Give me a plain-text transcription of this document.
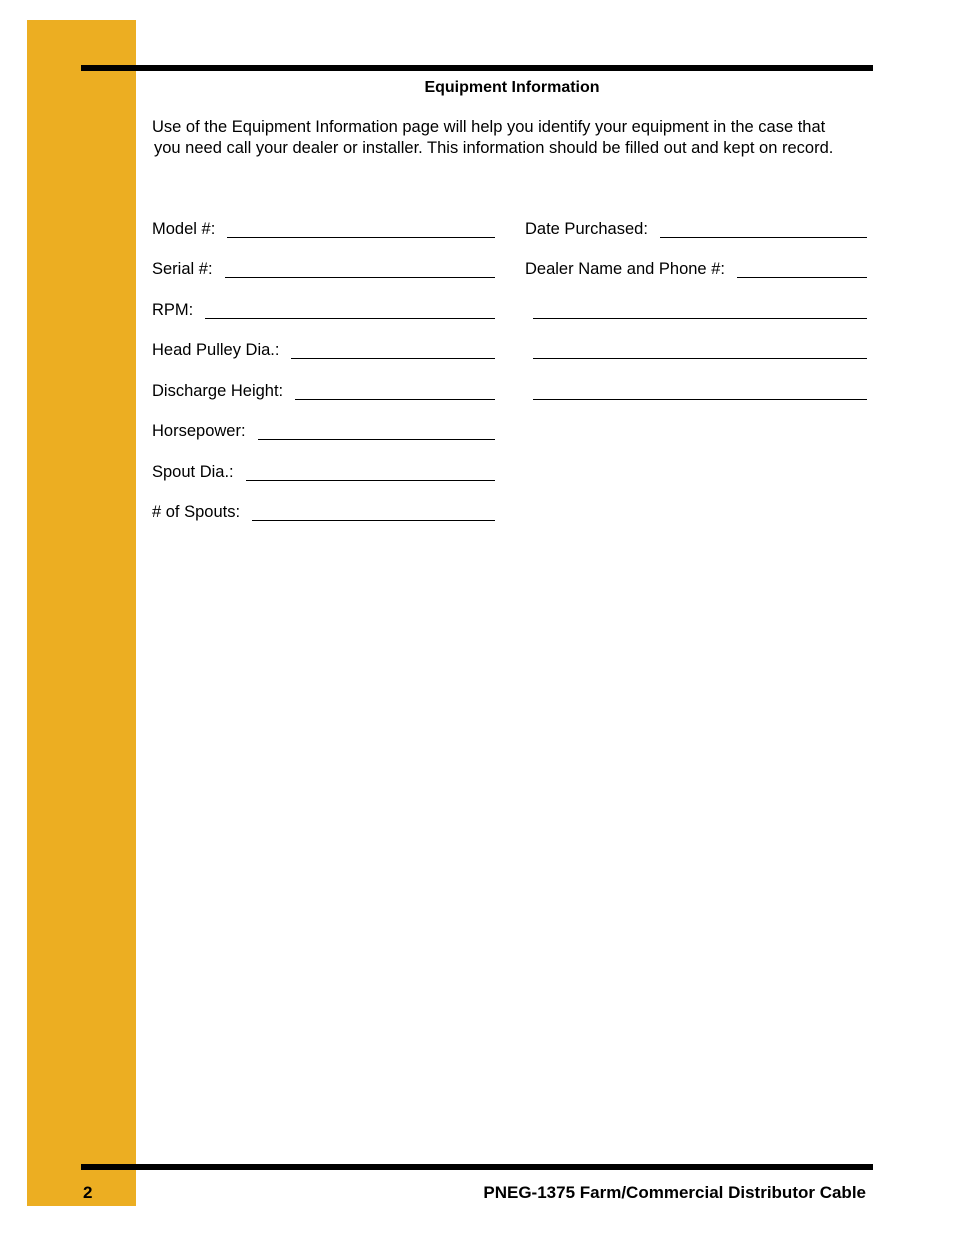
Equipment Information
Use of the Equipment Information page will help you identify your equipment in the case that
you need call your dealer or installer. This information should be filled out and kept on record.
Model #:
Serial #:
RPM:
Head Pulley Dia.:
Discharge Height:
Horsepower:
Spout Dia.:
# of Spouts:
Date Purchased:
Dealer Name and Phone #:
2	PNEG-1375 Farm/Commercial Distributor Cable
